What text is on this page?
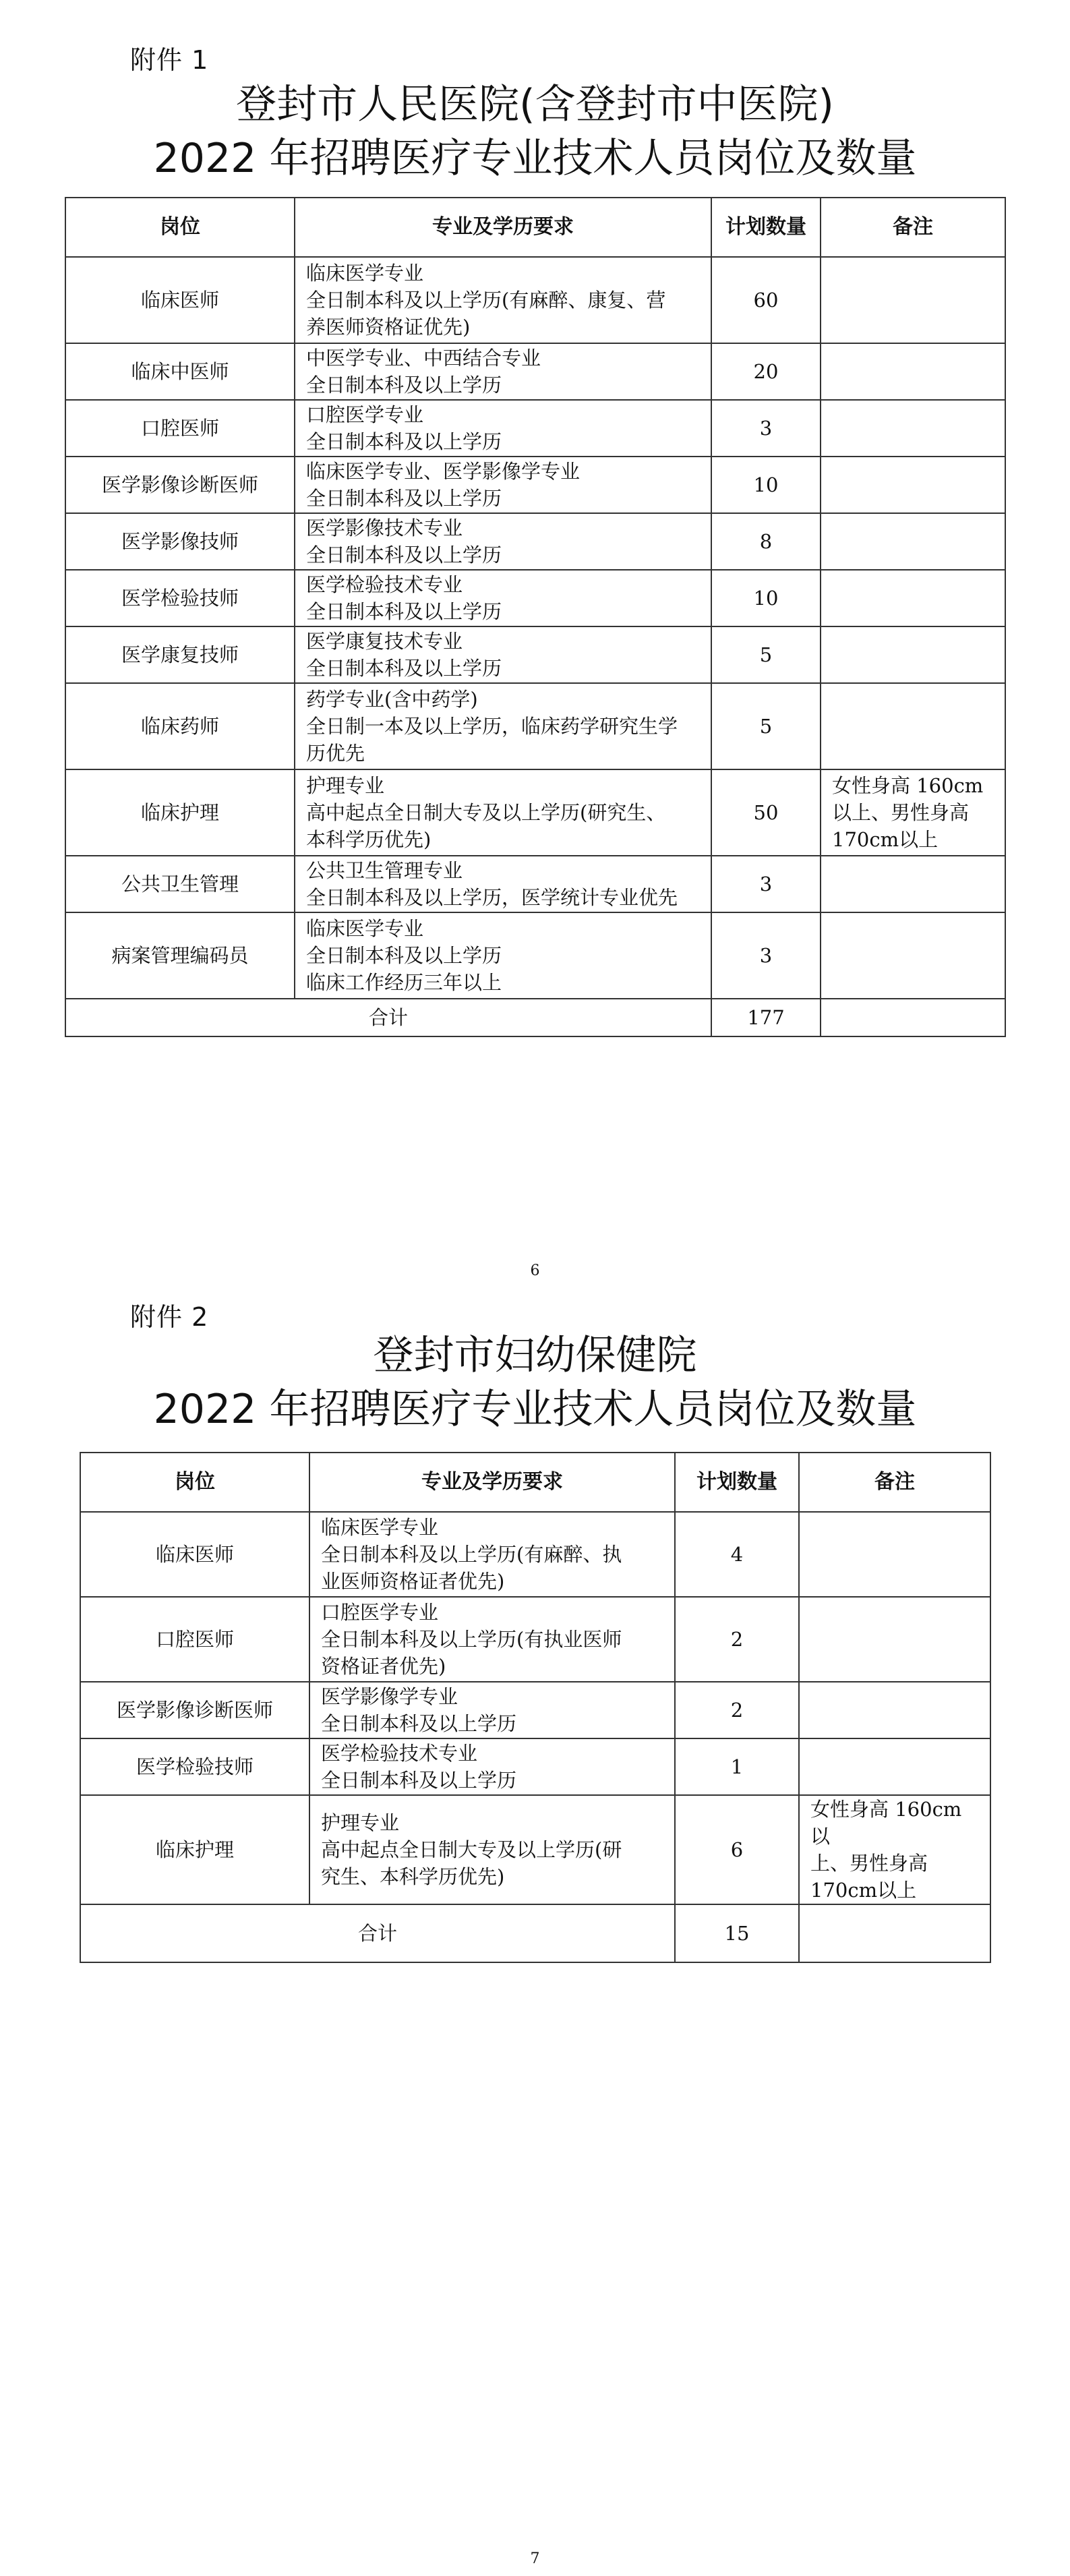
附件 1
登封市人民医院(含登封市中医院)
2022 年招聘医疗专业技术人员岗位及数量
岗位	专业及学历要求	计划数量	备注
临床医师	临床医学专业
全日制本科及以上学历(有麻醉、康复、营
养医师资格证优先)	60	
临床中医师	中医学专业、中西结合专业
全日制本科及以上学历	20	
口腔医师	口腔医学专业
全日制本科及以上学历	3	
医学影像诊断医师	临床医学专业、医学影像学专业
全日制本科及以上学历	10	
医学影像技师	医学影像技术专业
全日制本科及以上学历	8	
医学检验技师	医学检验技术专业
全日制本科及以上学历	10	
医学康复技师	医学康复技术专业
全日制本科及以上学历	5	
临床药师	药学专业(含中药学)
全日制一本及以上学历，临床药学研究生学
历优先	5	
临床护理	护理专业
高中起点全日制大专及以上学历(研究生、
本科学历优先)	50	女性身高 160cm
以上、男性身高
170cm以上

公共卫生管理	公共卫生管理专业
全日制本科及以上学历，医学统计专业优先	3	
病案管理编码员	临床医学专业
全日制本科及以上学历
临床工作经历三年以上	3	
合计		177	
6
附件 2
登封市妇幼保健院
2022 年招聘医疗专业技术人员岗位及数量
岗位	专业及学历要求	计划数量	备注
临床医师	临床医学专业
全日制本科及以上学历(有麻醉、执
业医师资格证者优先)	4	
口腔医师	口腔医学专业
全日制本科及以上学历(有执业医师
资格证者优先)	2	
医学影像诊断医师	医学影像学专业
全日制本科及以上学历	2	
医学检验技师	医学检验技术专业
全日制本科及以上学历	1	
临床护理	护理专业
高中起点全日制大专及以上学历(研
究生、本科学历优先)	6	女性身高 160cm 以
上、男性身高
170cm以上

合计		15	
7
